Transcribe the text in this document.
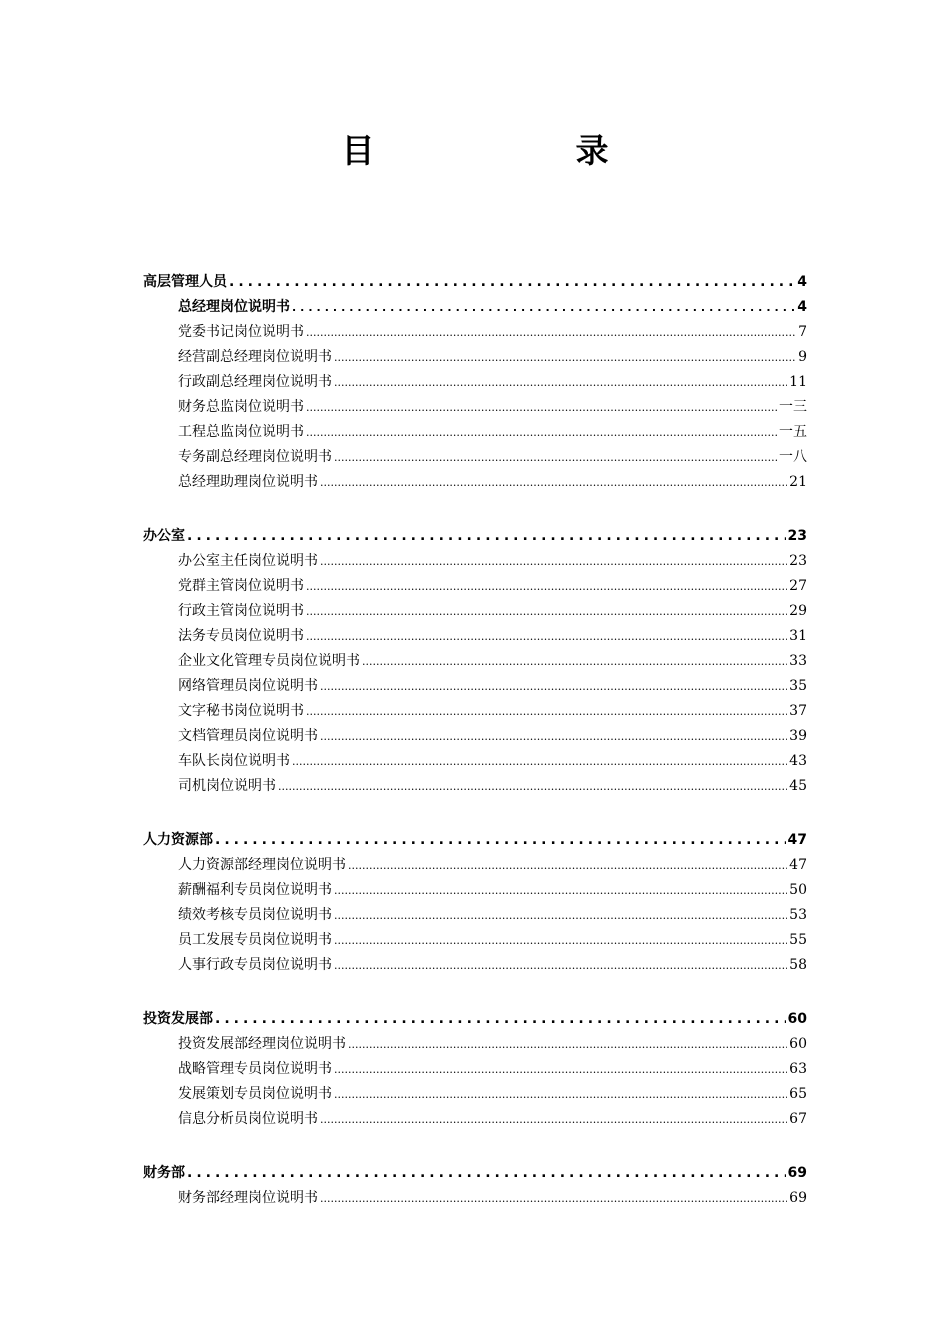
目　录
高层管理人员 .....	4
总经理岗位说明书 .....	4
党委书记岗位说明书 .....	7
经营副总经理岗位说明书 .....	9
行政副总经理岗位说明书 .....	11
财务总监岗位说明书 .....	一三
工程总监岗位说明书 .....	一五
专务副总经理岗位说明书 .....	一八
总经理助理岗位说明书 .....	21
办公室 .....	23
办公室主任岗位说明书 .....	23
党群主管岗位说明书 .....	27
行政主管岗位说明书 .....	29
法务专员岗位说明书 .....	31
企业文化管理专员岗位说明书 .....	33
网络管理员岗位说明书 .....	35
文字秘书岗位说明书 .....	37
文档管理员岗位说明书 .....	39
车队长岗位说明书 .....	43
司机岗位说明书 .....	45
人力资源部 .....	47
人力资源部经理岗位说明书 .....	47
薪酬福利专员岗位说明书 .....	50
绩效考核专员岗位说明书 .....	53
员工发展专员岗位说明书 .....	55
人事行政专员岗位说明书 .....	58
投资发展部 .....	60
投资发展部经理岗位说明书 .....	60
战略管理专员岗位说明书 .....	63
发展策划专员岗位说明书 .....	65
信息分析员岗位说明书 .....	67
财务部 .....	69
财务部经理岗位说明书 .....	69
